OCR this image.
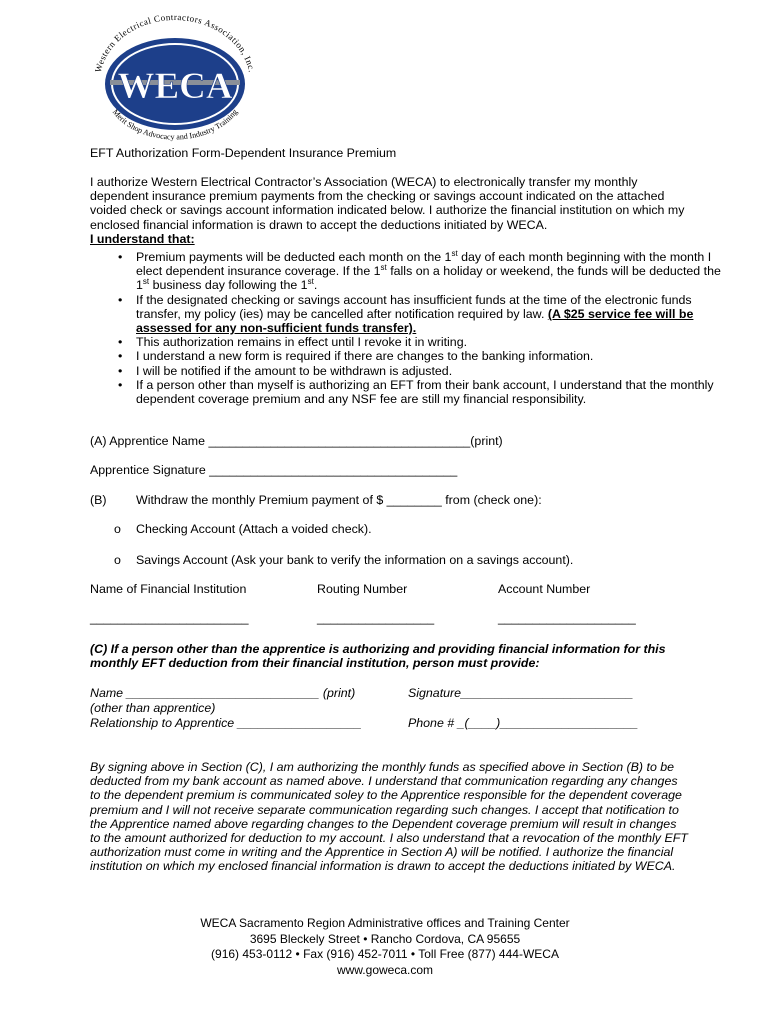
WECA
Western Electrical Contractors Association, Inc.
Merit Shop Advocacy and Industry Training
EFT Authorization Form-Dependent Insurance Premium
I authorize Western Electrical Contractor’s Association (WECA) to electronically transfer my monthly dependent insurance premium payments from the checking or savings account indicated on the attached voided check or savings account information indicated below. I authorize the financial institution on which my enclosed financial information is drawn to accept the deductions initiated by WECA.
I understand that:
• Premium payments will be deducted each month on the 1st day of each month beginning with the month I elect dependent insurance coverage. If the 1st falls on a holiday or weekend, the funds will be deducted the 1st business day following the 1st.
• If the designated checking or savings account has insufficient funds at the time of the electronic funds transfer, my policy (ies) may be cancelled after notification required by law. (A $25 service fee will be assessed for any non-sufficient funds transfer).
• This authorization remains in effect until I revoke it in writing.
• I understand a new form is required if there are changes to the banking information.
• I will be notified if the amount to be withdrawn is adjusted.
• If a person other than myself is authorizing an EFT from their bank account, I understand that the monthly dependent coverage premium and any NSF fee are still my financial responsibility.
(A) Apprentice Name ______________________________________(print)
Apprentice Signature ____________________________________
(B) Withdraw the monthly Premium payment of $ ________ from (check one):
o Checking Account (Attach a voided check).
o Savings Account (Ask your bank to verify the information on a savings account).
Name of Financial Institution	Routing Number	Account Number
_______________________	_________________	____________________
(C) If a person other than the apprentice is authorizing and providing financial information for this monthly EFT deduction from their financial institution, person must provide:
Name ____________________________ (print)	Signature_________________________
(other than apprentice)
Relationship to Apprentice __________________	Phone # _(____)____________________
By signing above in Section (C), I am authorizing the monthly funds as specified above in Section (B) to be deducted from my bank account as named above. I understand that communication regarding any changes to the dependent premium is communicated soley to the Apprentice responsible for the dependent coverage premium and I will not receive separate communication regarding such changes. I accept that notification to the Apprentice named above regarding changes to the Dependent coverage premium will result in changes to the amount authorized for deduction to my account. I also understand that a revocation of the monthly EFT authorization must come in writing and the Apprentice in Section A) will be notified. I authorize the financial institution on which my enclosed financial information is drawn to accept the deductions initiated by WECA.
WECA Sacramento Region Administrative offices and Training Center
3695 Bleckely Street • Rancho Cordova, CA 95655
(916) 453-0112 • Fax (916) 452-7011 • Toll Free (877) 444-WECA
www.goweca.com
